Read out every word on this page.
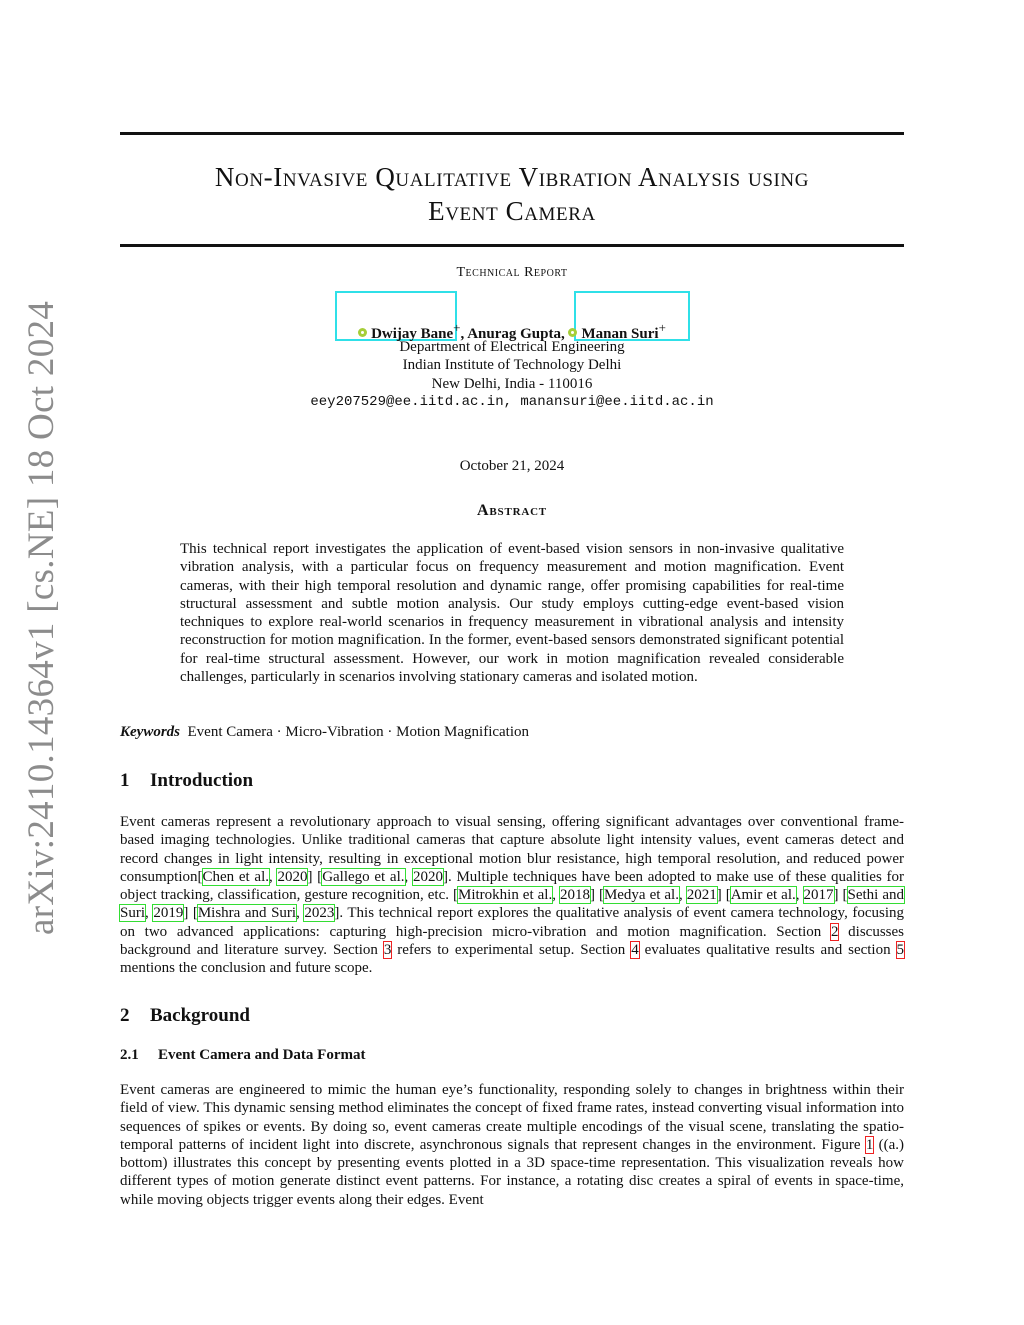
arXiv:2410.14364v1 [cs.NE] 18 Oct 2024
Non-Invasive Qualitative Vibration Analysis using
Event Camera
Technical Report
Dwijay Bane+, Anurag Gupta, Manan Suri+
Department of Electrical Engineering
Indian Institute of Technology Delhi
New Delhi, India - 110016
eey207529@ee.iitd.ac.in, manansuri@ee.iitd.ac.in
October 21, 2024
Abstract
This technical report investigates the application of event-based vision sensors in non-invasive qualitative vibration analysis, with a particular focus on frequency measurement and motion magnification. Event cameras, with their high temporal resolution and dynamic range, offer promising capabilities for real-time structural assessment and subtle motion analysis. Our study employs cutting-edge event-based vision techniques to explore real-world scenarios in frequency measurement in vibrational analysis and intensity reconstruction for motion magnification. In the former, event-based sensors demonstrated significant potential for real-time structural assessment. However, our work in motion magnification revealed considerable challenges, particularly in scenarios involving stationary cameras and isolated motion.
Keywords Event Camera · Micro-Vibration · Motion Magnification
1 Introduction
Event cameras represent a revolutionary approach to visual sensing, offering significant advantages over conventional frame-based imaging technologies. Unlike traditional cameras that capture absolute light intensity values, event cameras detect and record changes in light intensity, resulting in exceptional motion blur resistance, high temporal resolution, and reduced power consumption[Chen et al., 2020] [Gallego et al., 2020]. Multiple techniques have been adopted to make use of these qualities for object tracking, classification, gesture recognition, etc. [Mitrokhin et al., 2018] [Medya et al., 2021] [Amir et al., 2017] [Sethi and Suri, 2019] [Mishra and Suri, 2023]. This technical report explores the qualitative analysis of event camera technology, focusing on two advanced applications: capturing high-precision micro-vibration and motion magnification. Section 2 discusses background and literature survey. Section 3 refers to experimental setup. Section 4 evaluates qualitative results and section 5 mentions the conclusion and future scope.
2 Background
2.1 Event Camera and Data Format
Event cameras are engineered to mimic the human eye’s functionality, responding solely to changes in brightness within their field of view. This dynamic sensing method eliminates the concept of fixed frame rates, instead converting visual information into sequences of spikes or events. By doing so, event cameras create multiple encodings of the visual scene, translating the spatio-temporal patterns of incident light into discrete, asynchronous signals that represent changes in the environment. Figure 1 ((a.) bottom) illustrates this concept by presenting events plotted in a 3D space-time representation. This visualization reveals how different types of motion generate distinct event patterns. For instance, a rotating disc creates a spiral of events in space-time, while moving objects trigger events along their edges. Event
